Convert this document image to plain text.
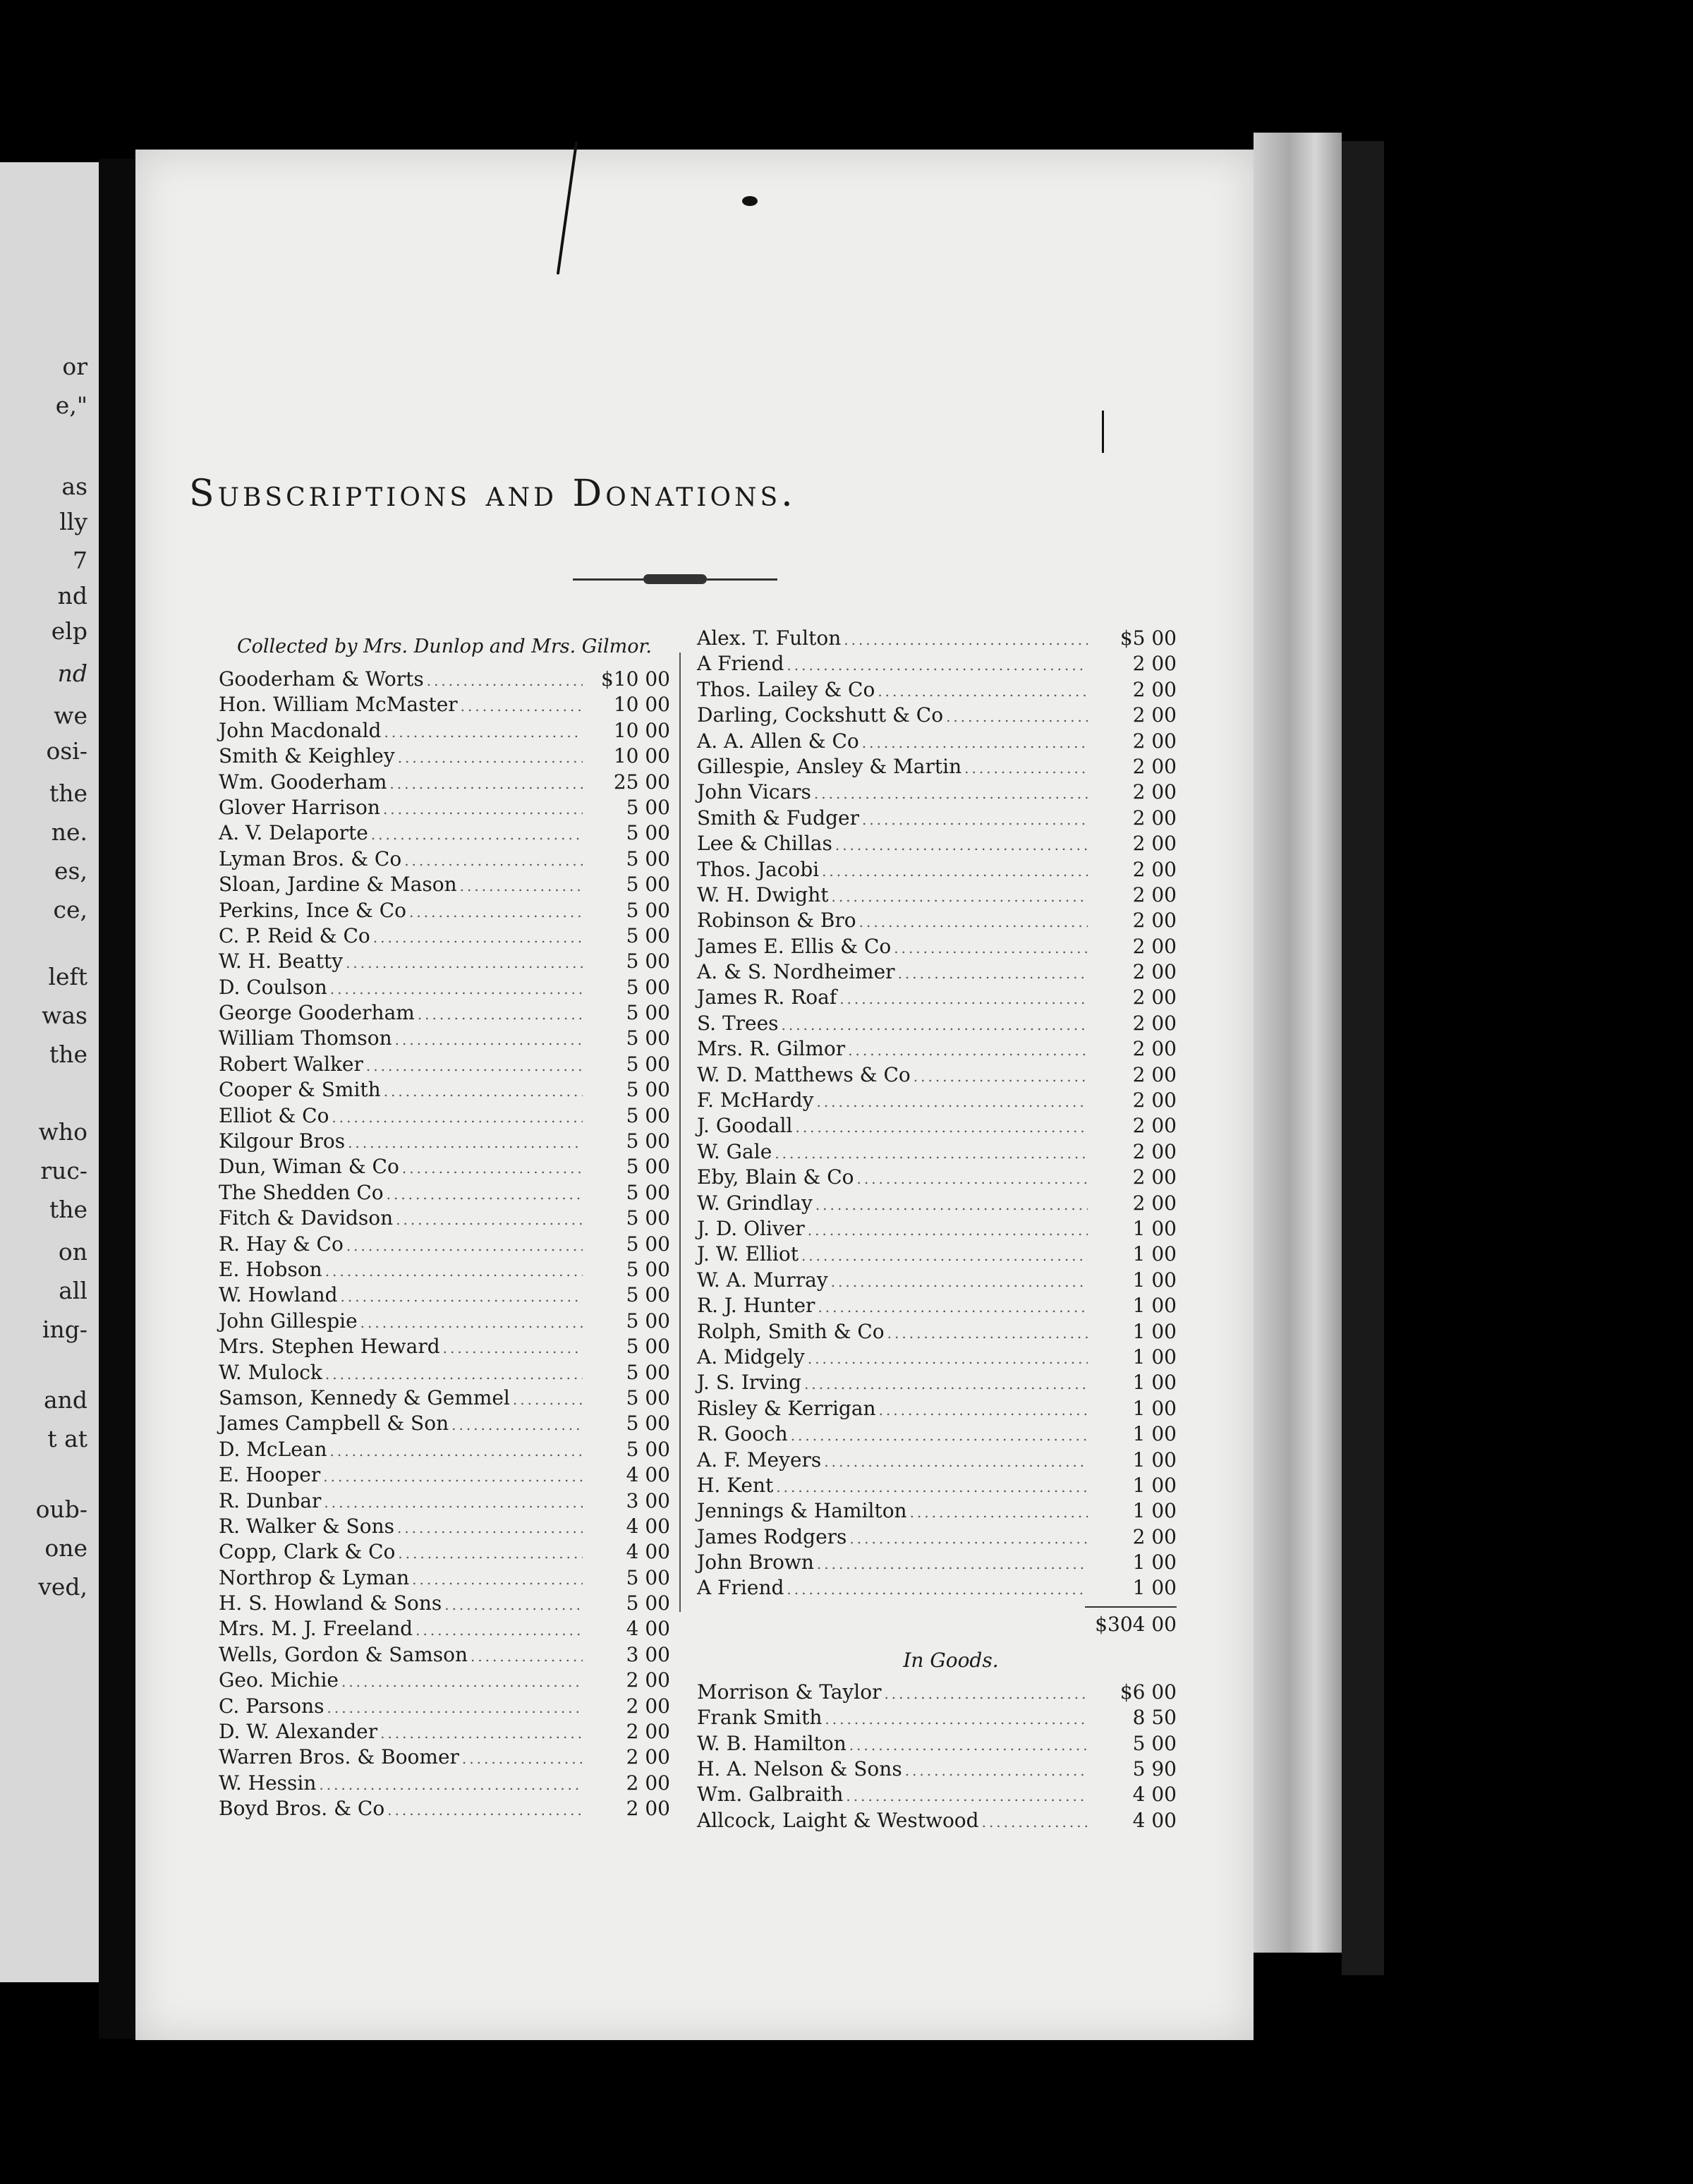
or
e,"
as
lly
7
nd
elp
nd
we
osi-
the
ne.
es,
ce,
left
was
the
who
ruc-
the
on
all
ing-
and
t at
oub-
one
ved,
Subscriptions and Donations.
Collected by Mrs. Dunlop and Mrs. Gilmor.
Gooderham & Worts .....	$10 00
Hon. William McMaster .....	10 00
John Macdonald .....	10 00
Smith & Keighley .....	10 00
Wm. Gooderham .....	25 00
Glover Harrison .....	5 00
A. V. Delaporte .....	5 00
Lyman Bros. & Co .....	5 00
Sloan, Jardine & Mason .....	5 00
Perkins, Ince & Co .....	5 00
C. P. Reid & Co .....	5 00
W. H. Beatty .....	5 00
D. Coulson .....	5 00
George Gooderham .....	5 00
William Thomson .....	5 00
Robert Walker .....	5 00
Cooper & Smith .....	5 00
Elliot & Co .....	5 00
Kilgour Bros .....	5 00
Dun, Wiman & Co .....	5 00
The Shedden Co .....	5 00
Fitch & Davidson .....	5 00
R. Hay & Co .....	5 00
E. Hobson .....	5 00
W. Howland .....	5 00
John Gillespie .....	5 00
Mrs. Stephen Heward .....	5 00
W. Mulock .....	5 00
Samson, Kennedy & Gemmel .....	5 00
James Campbell & Son .....	5 00
D. McLean .....	5 00
E. Hooper .....	4 00
R. Dunbar .....	3 00
R. Walker & Sons .....	4 00
Copp, Clark & Co .....	4 00
Northrop & Lyman .....	5 00
H. S. Howland & Sons .....	5 00
Mrs. M. J. Freeland .....	4 00
Wells, Gordon & Samson .....	3 00
Geo. Michie .....	2 00
C. Parsons .....	2 00
D. W. Alexander .....	2 00
Warren Bros. & Boomer .....	2 00
W. Hessin .....	2 00
Boyd Bros. & Co .....	2 00
Alex. T. Fulton .....	$5 00
A Friend .....	2 00
Thos. Lailey & Co .....	2 00
Darling, Cockshutt & Co .....	2 00
A. A. Allen & Co .....	2 00
Gillespie, Ansley & Martin .....	2 00
John Vicars .....	2 00
Smith & Fudger .....	2 00
Lee & Chillas .....	2 00
Thos. Jacobi .....	2 00
W. H. Dwight .....	2 00
Robinson & Bro .....	2 00
James E. Ellis & Co .....	2 00
A. & S. Nordheimer .....	2 00
James R. Roaf .....	2 00
S. Trees .....	2 00
Mrs. R. Gilmor .....	2 00
W. D. Matthews & Co .....	2 00
F. McHardy .....	2 00
J. Goodall .....	2 00
W. Gale .....	2 00
Eby, Blain & Co .....	2 00
W. Grindlay .....	2 00
J. D. Oliver .....	1 00
J. W. Elliot .....	1 00
W. A. Murray .....	1 00
R. J. Hunter .....	1 00
Rolph, Smith & Co .....	1 00
A. Midgely .....	1 00
J. S. Irving .....	1 00
Risley & Kerrigan .....	1 00
R. Gooch .....	1 00
A. F. Meyers .....	1 00
H. Kent .....	1 00
Jennings & Hamilton .....	1 00
James Rodgers .....	2 00
John Brown .....	1 00
A Friend .....	1 00
$304 00
In Goods.
Morrison & Taylor .....	$6 00
Frank Smith .....	8 50
W. B. Hamilton .....	5 00
H. A. Nelson & Sons .....	5 90
Wm. Galbraith .....	4 00
Allcock, Laight & Westwood .....	4 00
